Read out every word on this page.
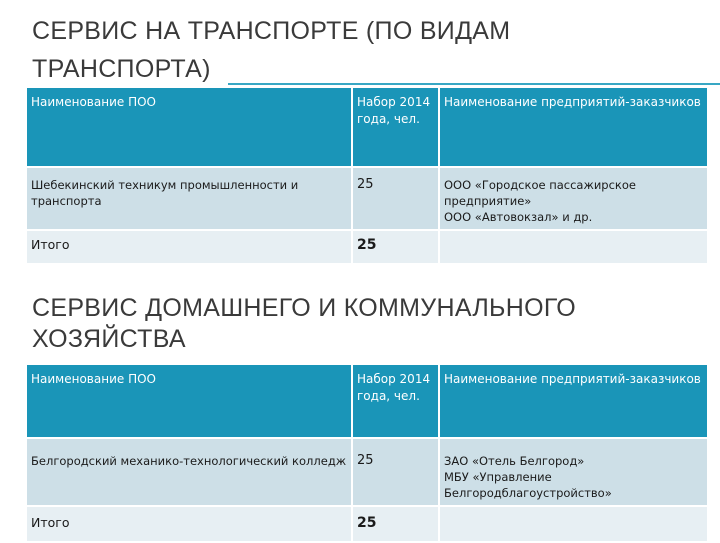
СЕРВИС НА ТРАНСПОРТЕ (ПО ВИДАМ ТРАНСПОРТА)
Наименование ПОО	Набор 2014 года, чел.	Наименование предприятий-заказчиков
Шебекинский техникум промышленности и транспорта	25	ООО «Городское пассажирское предприятие»
ООО «Автовокзал» и др.

Итого	25	
СЕРВИС ДОМАШНЕГО И КОММУНАЛЬНОГО ХОЗЯЙСТВА
Наименование ПОО	Набор 2014 года, чел.	Наименование предприятий-заказчиков
Белгородский механико-технологический колледж	25	ЗАО «Отель Белгород»
МБУ «Управление Белгородблагоустройство»

Итого	25	
